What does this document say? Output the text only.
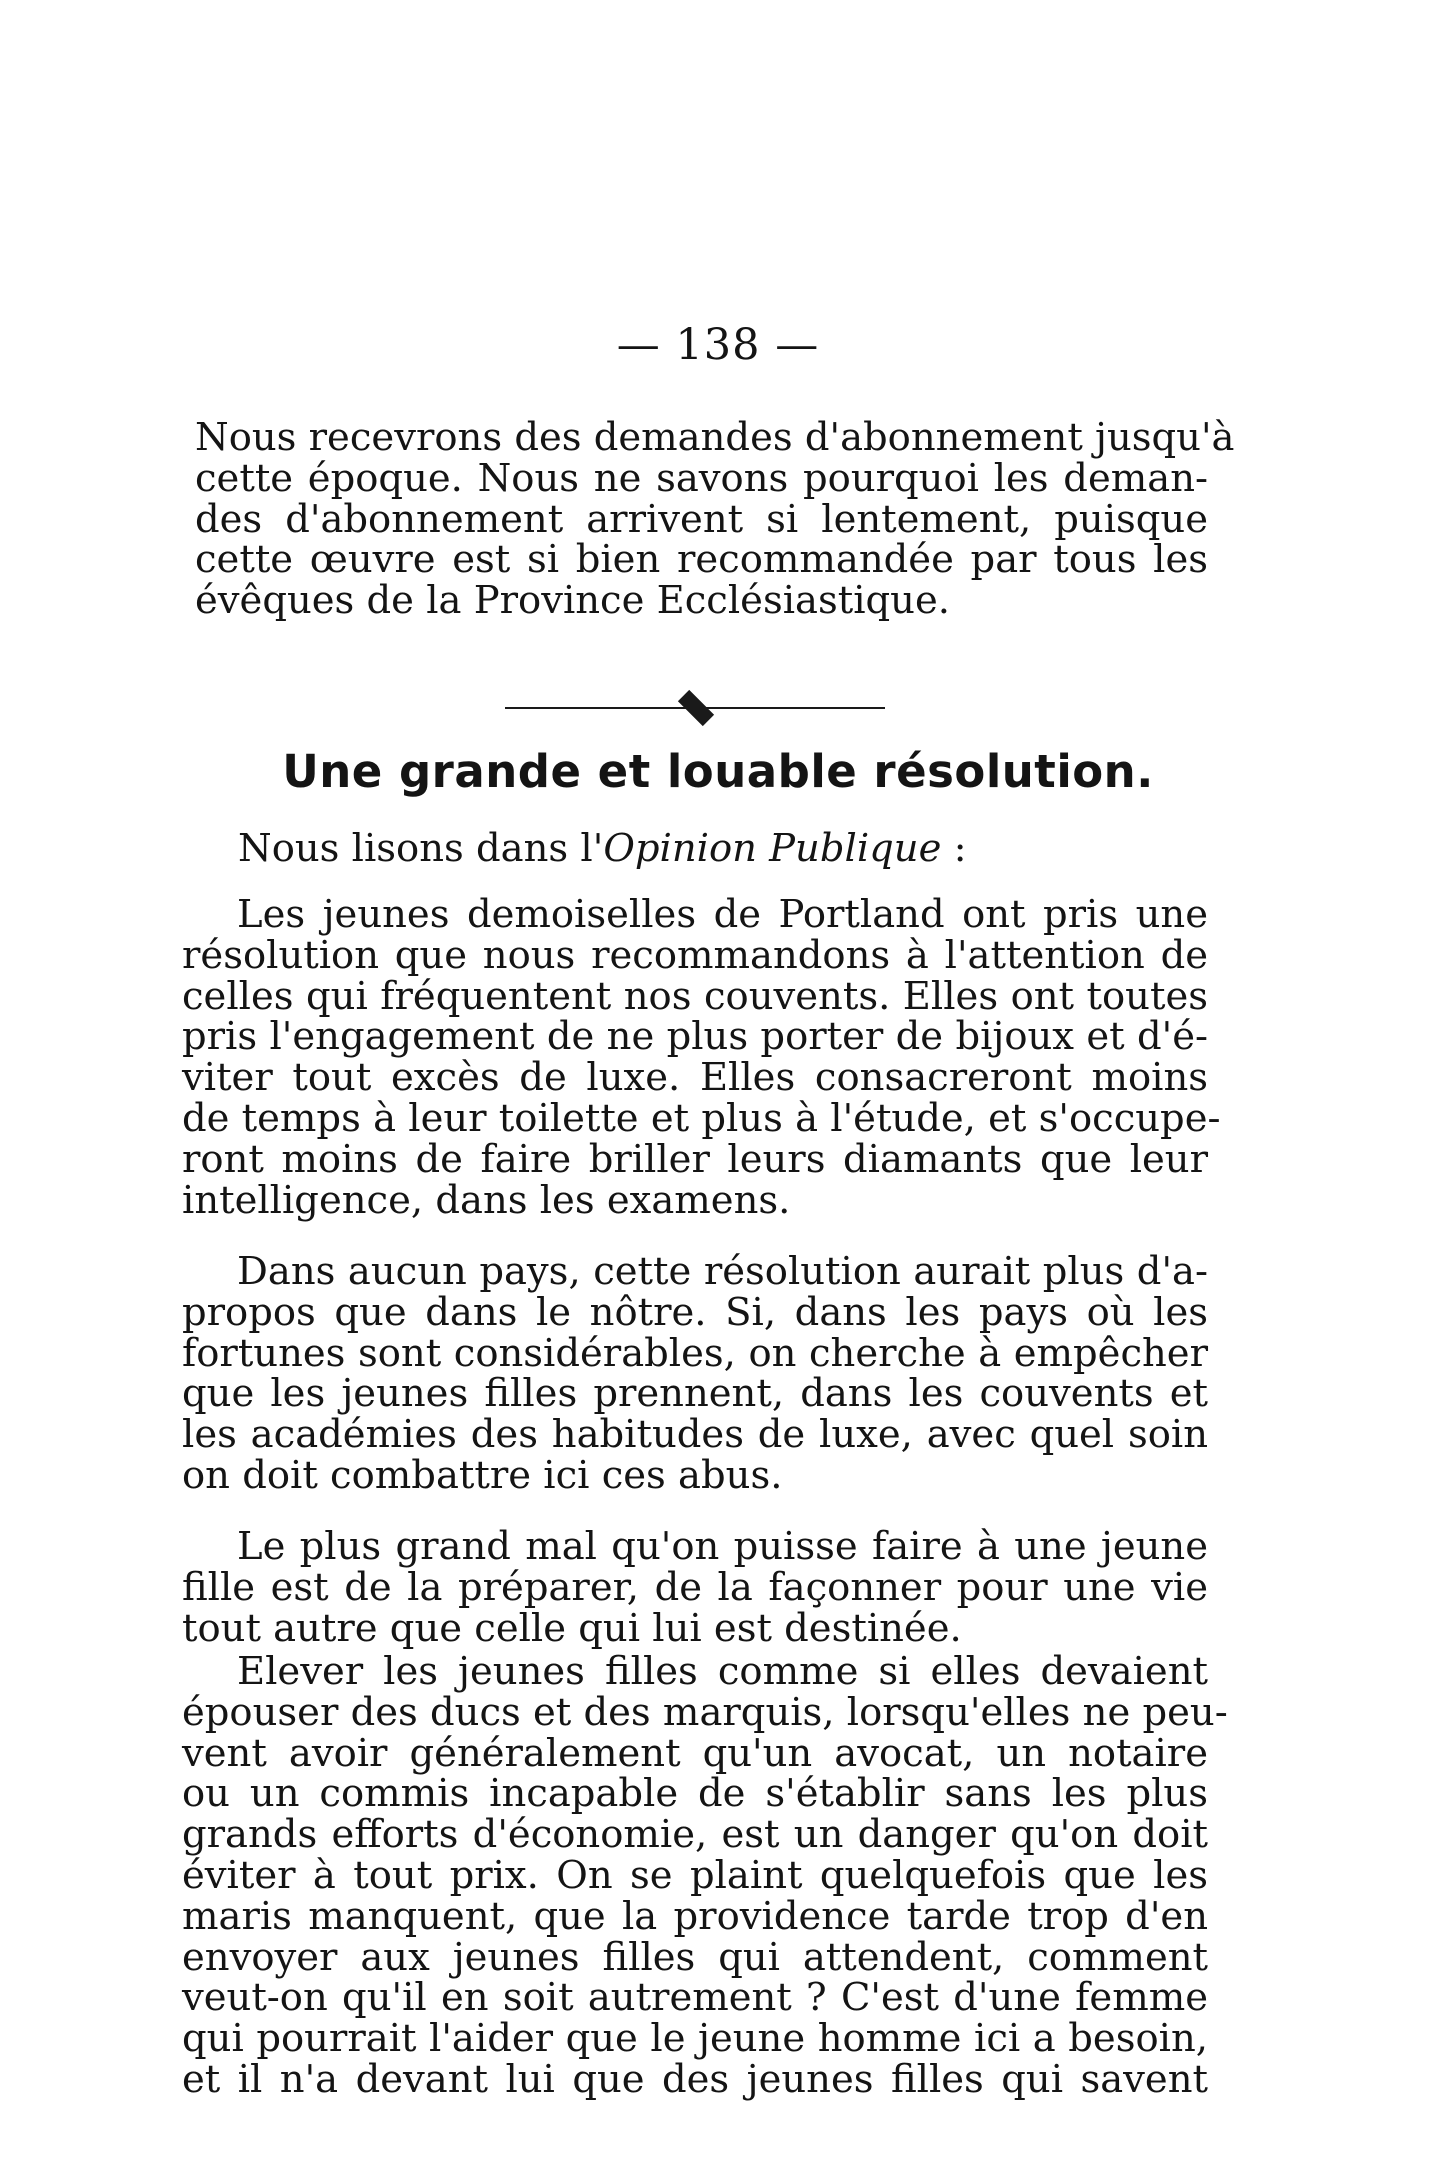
— 138 —

Nous recevrons des demandes d'abonnement jusqu'à
cette époque. Nous ne savons pourquoi les deman-
des d'abonnement arrivent si lentement, puisque
cette œuvre est si bien recommandée par tous les
évêques de la Province Ecclésiastique.

Une grande et louable résolution.
Nous lisons dans l'Opinion Publique :

Les jeunes demoiselles de Portland ont pris une
résolution que nous recommandons à l'attention de
celles qui fréquentent nos couvents. Elles ont toutes
pris l'engagement de ne plus porter de bijoux et d'é-
viter tout excès de luxe. Elles consacreront moins
de temps à leur toilette et plus à l'étude, et s'occupe-
ront moins de faire briller leurs diamants que leur
intelligence, dans les examens.

Dans aucun pays, cette résolution aurait plus d'a-
propos que dans le nôtre. Si, dans les pays où les
fortunes sont considérables, on cherche à empêcher
que les jeunes filles prennent, dans les couvents et
les académies des habitudes de luxe, avec quel soin
on doit combattre ici ces abus.

Le plus grand mal qu'on puisse faire à une jeune
fille est de la préparer, de la façonner pour une vie
tout autre que celle qui lui est destinée.

Elever les jeunes filles comme si elles devaient
épouser des ducs et des marquis, lorsqu'elles ne peu-
vent avoir généralement qu'un avocat, un notaire
ou un commis incapable de s'établir sans les plus
grands efforts d'économie, est un danger qu'on doit
éviter à tout prix. On se plaint quelquefois que les
maris manquent, que la providence tarde trop d'en
envoyer aux jeunes filles qui attendent, comment
veut-on qu'il en soit autrement ? C'est d'une femme
qui pourrait l'aider que le jeune homme ici a besoin,
et il n'a devant lui que des jeunes filles qui savent
